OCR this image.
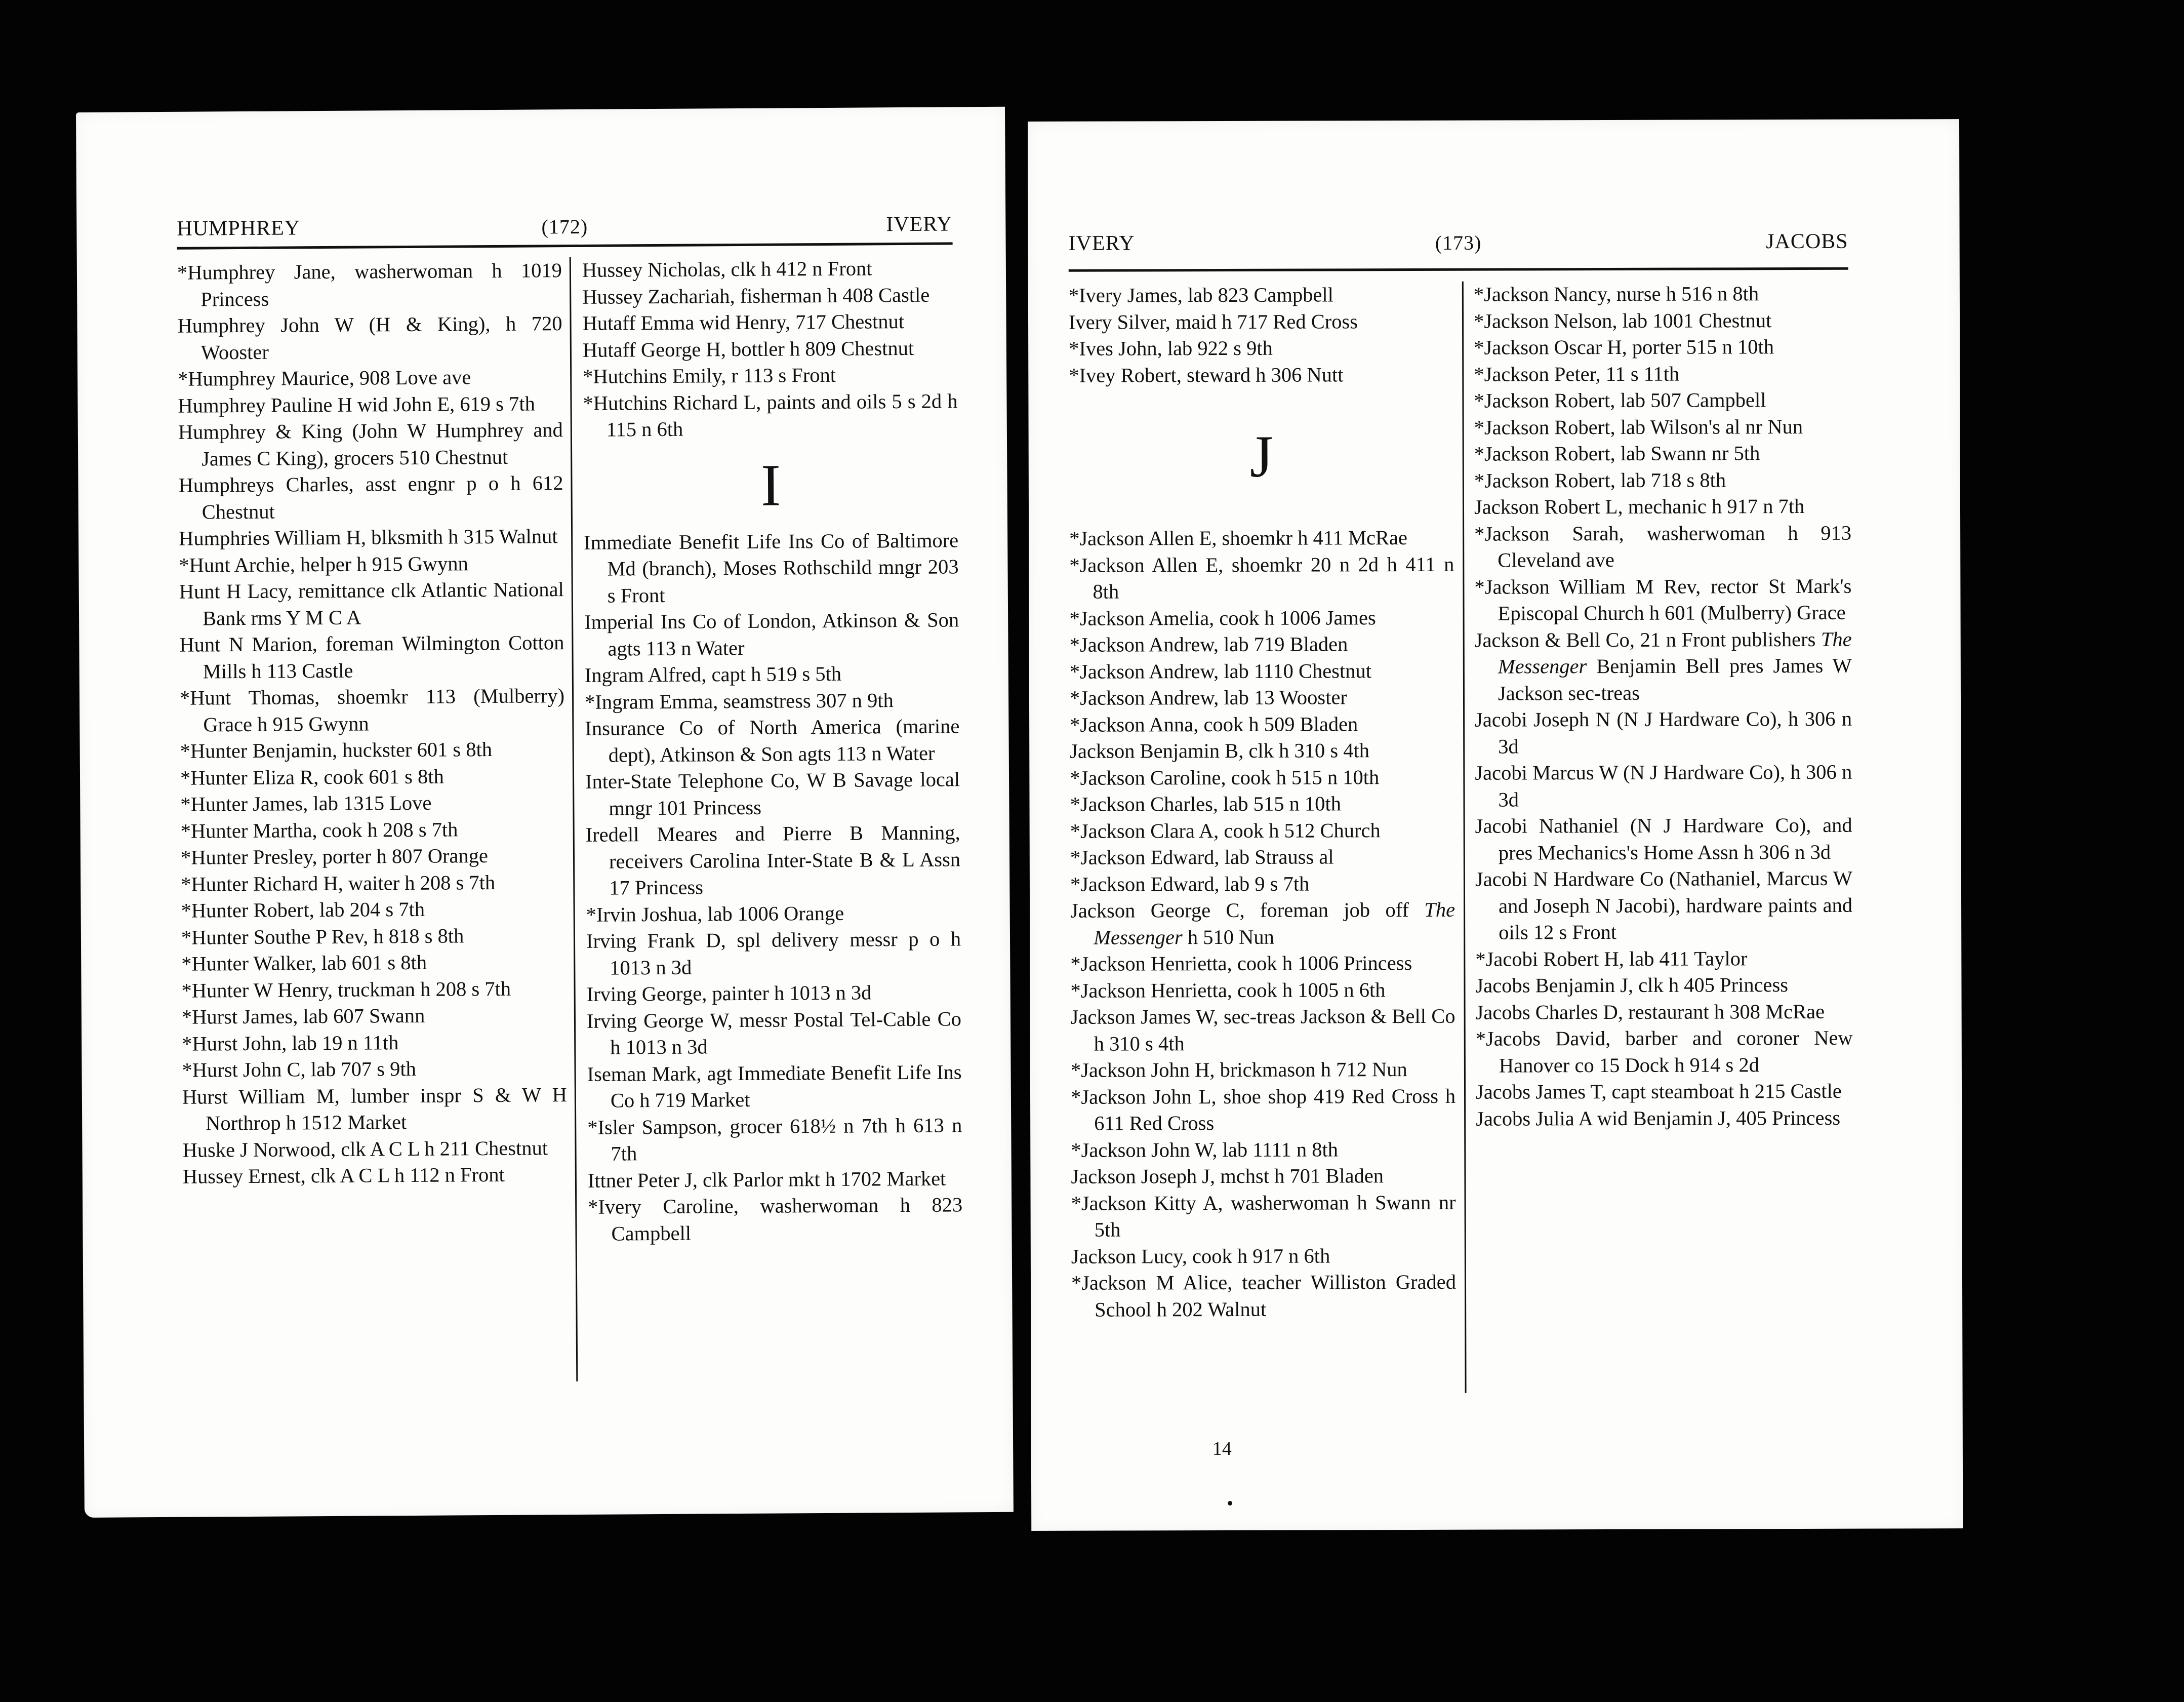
HUMPHREY	(172)	IVERY

*Humphrey Jane, washerwoman h 1019 Princess

Humphrey John W (H & King), h 720 Wooster

*Humphrey Maurice, 908 Love ave

Humphrey Pauline H wid John E, 619 s 7th

Humphrey & King (John W Humphrey and James C King), grocers 510 Chestnut

Humphreys Charles, asst engnr p o h 612 Chestnut

Humphries William H, blksmith h 315 Walnut

*Hunt Archie, helper h 915 Gwynn

Hunt H Lacy, remittance clk Atlantic National Bank rms Y M C A

Hunt N Marion, foreman Wilmington Cotton Mills h 113 Castle

*Hunt Thomas, shoemkr 113 (Mulberry) Grace h 915 Gwynn

*Hunter Benjamin, huckster 601 s 8th

*Hunter Eliza R, cook 601 s 8th

*Hunter James, lab 1315 Love

*Hunter Martha, cook h 208 s 7th

*Hunter Presley, porter h 807 Orange

*Hunter Richard H, waiter h 208 s 7th

*Hunter Robert, lab 204 s 7th

*Hunter Southe P Rev, h 818 s 8th

*Hunter Walker, lab 601 s 8th

*Hunter W Henry, truckman h 208 s 7th

*Hurst James, lab 607 Swann

*Hurst John, lab 19 n 11th

*Hurst John C, lab 707 s 9th

Hurst William M, lumber inspr S & W H Northrop h 1512 Market

Huske J Norwood, clk A C L h 211 Chestnut

Hussey Ernest, clk A C L h 112 n Front

Hussey Nicholas, clk h 412 n Front

Hussey Zachariah, fisherman h 408 Castle

Hutaff Emma wid Henry, 717 Chestnut

Hutaff George H, bottler h 809 Chestnut

*Hutchins Emily, r 113 s Front

*Hutchins Richard L, paints and oils 5 s 2d h 115 n 6th

I

Immediate Benefit Life Ins Co of Baltimore Md (branch), Moses Rothschild mngr 203 s Front

Imperial Ins Co of London, Atkinson & Son agts 113 n Water

Ingram Alfred, capt h 519 s 5th

*Ingram Emma, seamstress 307 n 9th

Insurance Co of North America (marine dept), Atkinson & Son agts 113 n Water

Inter-State Telephone Co, W B Savage local mngr 101 Princess

Iredell Meares and Pierre B Manning, receivers Carolina Inter-State B & L Assn 17 Princess

*Irvin Joshua, lab 1006 Orange

Irving Frank D, spl delivery messr p o h 1013 n 3d

Irving George, painter h 1013 n 3d

Irving George W, messr Postal Tel-Cable Co h 1013 n 3d

Iseman Mark, agt Immediate Benefit Life Ins Co h 719 Market

*Isler Sampson, grocer 618½ n 7th h 613 n 7th

Ittner Peter J, clk Parlor mkt h 1702 Market

*Ivery Caroline, washerwoman h 823 Campbell

IVERY	(173)	JACOBS

*Ivery James, lab 823 Campbell

Ivery Silver, maid h 717 Red Cross

*Ives John, lab 922 s 9th

*Ivey Robert, steward h 306 Nutt

J

*Jackson Allen E, shoemkr h 411 McRae

*Jackson Allen E, shoemkr 20 n 2d h 411 n 8th

*Jackson Amelia, cook h 1006 James

*Jackson Andrew, lab 719 Bladen

*Jackson Andrew, lab 1110 Chestnut

*Jackson Andrew, lab 13 Wooster

*Jackson Anna, cook h 509 Bladen

Jackson Benjamin B, clk h 310 s 4th

*Jackson Caroline, cook h 515 n 10th

*Jackson Charles, lab 515 n 10th

*Jackson Clara A, cook h 512 Church

*Jackson Edward, lab Strauss al

*Jackson Edward, lab 9 s 7th

Jackson George C, foreman job off The Messenger h 510 Nun

*Jackson Henrietta, cook h 1006 Princess

*Jackson Henrietta, cook h 1005 n 6th

Jackson James W, sec-treas Jackson & Bell Co h 310 s 4th

*Jackson John H, brickmason h 712 Nun

*Jackson John L, shoe shop 419 Red Cross h 611 Red Cross

*Jackson John W, lab 1111 n 8th

Jackson Joseph J, mchst h 701 Bladen

*Jackson Kitty A, washerwoman h Swann nr 5th

Jackson Lucy, cook h 917 n 6th

*Jackson M Alice, teacher Williston Graded School h 202 Walnut

*Jackson Nancy, nurse h 516 n 8th

*Jackson Nelson, lab 1001 Chestnut

*Jackson Oscar H, porter 515 n 10th

*Jackson Peter, 11 s 11th

*Jackson Robert, lab 507 Campbell

*Jackson Robert, lab Wilson's al nr Nun

*Jackson Robert, lab Swann nr 5th

*Jackson Robert, lab 718 s 8th

Jackson Robert L, mechanic h 917 n 7th

*Jackson Sarah, washerwoman h 913 Cleveland ave

*Jackson William M Rev, rector St Mark's Episcopal Church h 601 (Mulberry) Grace

Jackson & Bell Co, 21 n Front publishers The Messenger Benjamin Bell pres James W Jackson sec-treas

Jacobi Joseph N (N J Hardware Co), h 306 n 3d

Jacobi Marcus W (N J Hardware Co), h 306 n 3d

Jacobi Nathaniel (N J Hardware Co), and pres Mechanics's Home Assn h 306 n 3d

Jacobi N Hardware Co (Nathaniel, Marcus W and Joseph N Jacobi), hardware paints and oils 12 s Front

*Jacobi Robert H, lab 411 Taylor

Jacobs Benjamin J, clk h 405 Princess

Jacobs Charles D, restaurant h 308 McRae

*Jacobs David, barber and coroner New Hanover co 15 Dock h 914 s 2d

Jacobs James T, capt steamboat h 215 Castle

Jacobs Julia A wid Benjamin J, 405 Princess

14
